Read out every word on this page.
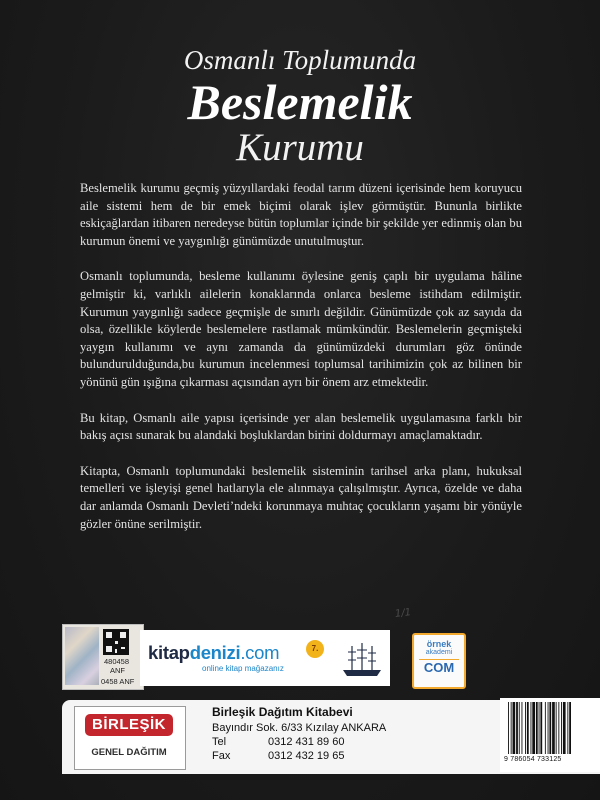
Osmanlı Toplumunda
Beslemelik
Kurumu

Beslemelik kurumu geçmiş yüzyıllardaki feodal tarım düzeni içerisinde hem koruyucu aile sistemi hem de bir emek biçimi olarak işlev görmüştür. Bununla birlikte eskiçağlardan itibaren neredeyse bütün toplumlar içinde bir şekilde yer edinmiş olan bu kurumun önemi ve yaygınlığı günümüzde unutulmuştur.

Osmanlı toplumunda, besleme kullanımı öylesine geniş çaplı bir uygulama hâline gelmiştir ki, varlıklı ailelerin konaklarında onlarca besleme istihdam edilmiştir. Kurumun yaygınlığı sadece geçmişle de sınırlı değildir. Günümüzde çok az sayıda da olsa, özellikle köylerde beslemelere rastlamak mümkündür. Beslemelerin geçmişteki yaygın kullanımı ve aynı zamanda da günümüzdeki durumları göz önünde bulundurulduğunda,bu kurumun incelenmesi toplumsal tarihimizin çok az bilinen bir yönünü gün ışığına çıkarması açısından ayrı bir önem arz etmektedir.

Bu kitap, Osmanlı aile yapısı içerisinde yer alan beslemelik uygulamasına farklı bir bakış açısı sunarak bu alandaki boşluklardan birini doldurmayı amaçlamaktadır.

Kitapta, Osmanlı toplumundaki beslemelik sisteminin tarihsel arka planı, hukuksal temelleri ve işleyişi genel hatlarıyla ele alınmaya çalışılmıştır. Ayrıca, özelde ve daha dar anlamda Osmanlı Devleti’ndeki korunmaya muhtaç çocukların yaşamı bir yönüyle gözler önüne serilmiştir.

1/1
480458
ANF
0458 ANF
kitapdenizi.com
online kitap mağazanız
7.	örnek
akademi
COM
BİRLEŞİK
GENEL DAĞITIM
Birleşik Dağıtım Kitabevi
Bayındır Sok. 6/33 Kızılay ANKARA
Tel	0312 431 89 60
Fax	0312 432 19 65	9 786054 733125
